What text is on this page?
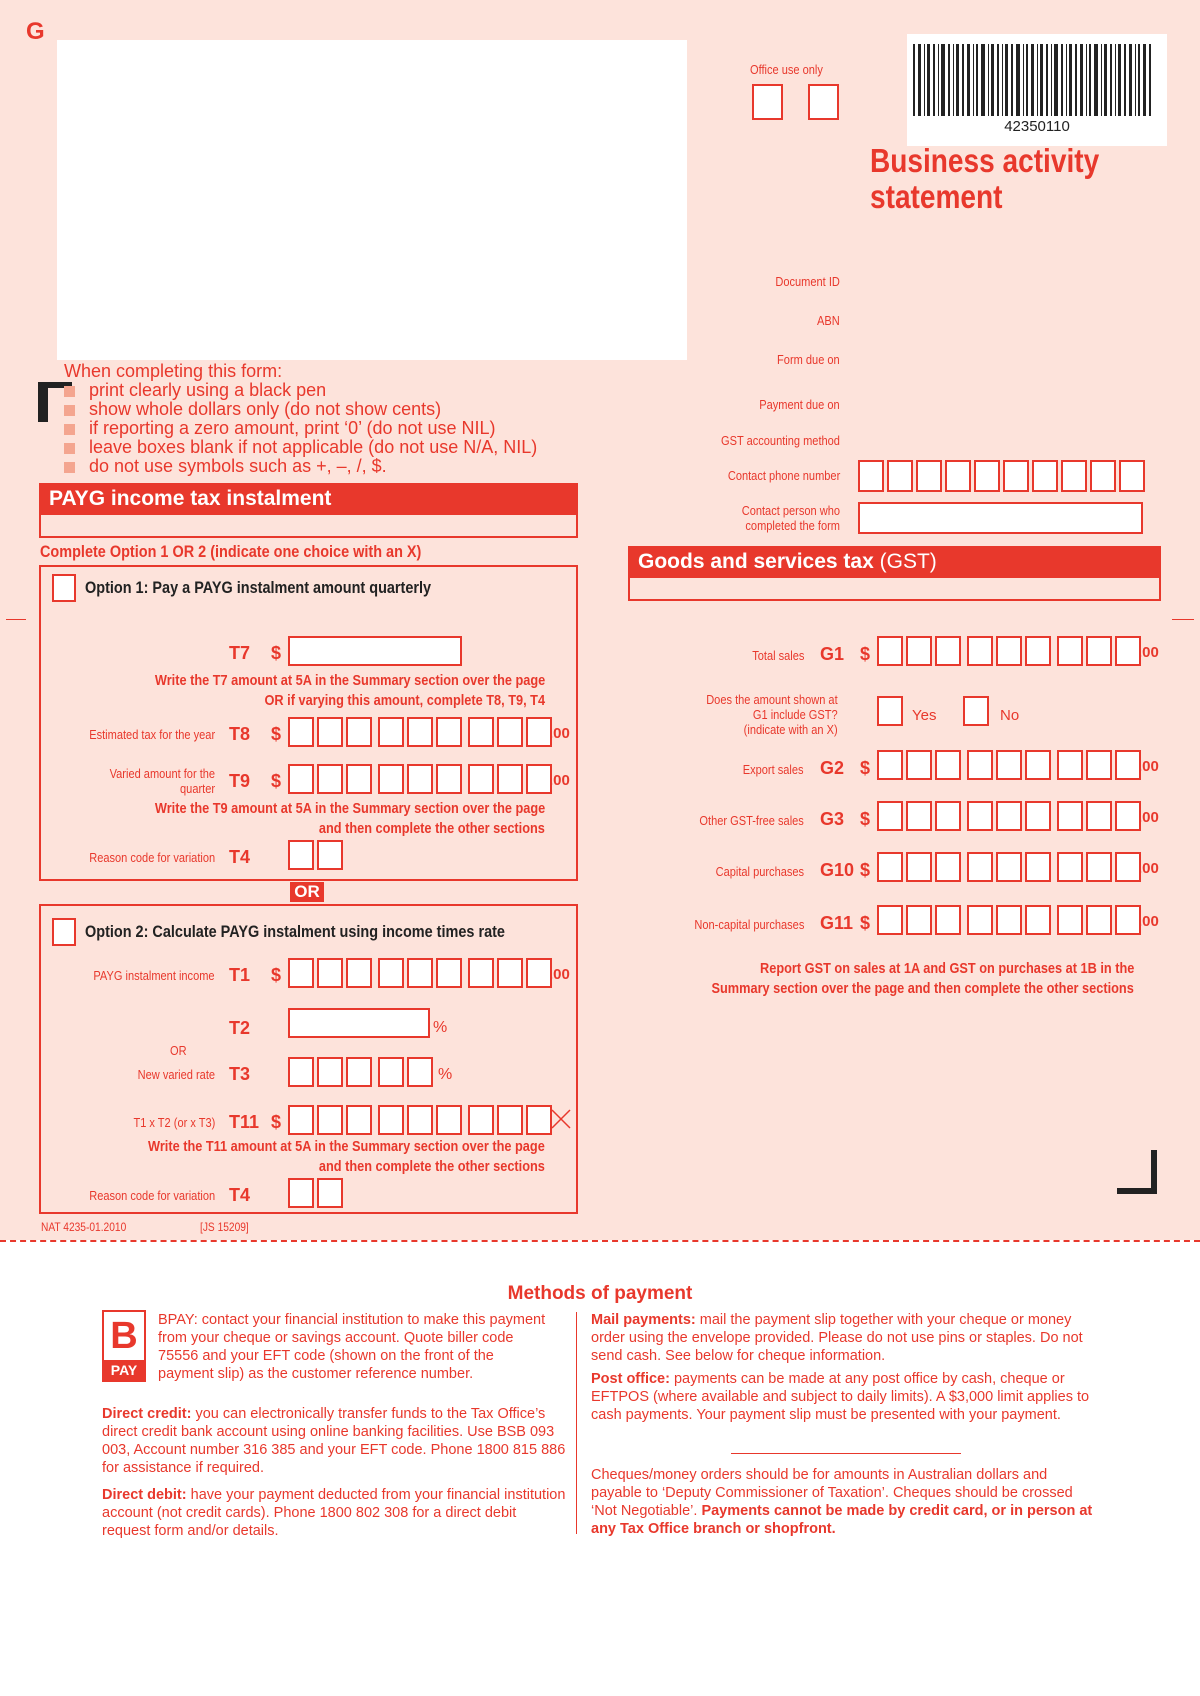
G
Office use only
42350110
Business activity
statement
Document ID
ABN
Form due on
Payment due on
GST accounting method
Contact phone number
Contact person who completed the form
When completing this form:
print clearly using a black pen
show whole dollars only (do not show cents)
if reporting a zero amount, print ‘0’ (do not use NIL)
leave boxes blank if not applicable (do not use N/A, NIL)
do not use symbols such as +, –, /, $.
PAYG income tax instalment
Complete Option 1 OR 2 (indicate one choice with an X)
Option 1: Pay a PAYG instalment amount quarterly
T7 $
Write the T7 amount at 5A in the Summary section over the page
OR if varying this amount, complete T8, T9, T4
Estimated tax for the year T8 $	.00
Varied amount for the
quarter T9 $	.00
Write the T9 amount at 5A in the Summary section over the page
and then complete the other sections
Reason code for variation T4
OR
Option 2: Calculate PAYG instalment using income times rate
PAYG instalment income T1 $	.00
T2	%
OR
New varied rate T3	%
T1 x T2 (or x T3) T11 $
Write the T11 amount at 5A in the Summary section over the page
and then complete the other sections
Reason code for variation T4
NAT 4235-01.2010	[JS 15209]
Goods and services tax (GST)
Total sales G1 $	.00
Does the amount shown at
G1 include GST?
(indicate with an X)
Yes	No
Export sales G2 $	.00
Other GST-free sales G3 $	.00
Capital purchases G10 $	.00
Non-capital purchases G11 $	.00
Report GST on sales at 1A and GST on purchases at 1B in the
Summary section over the page and then complete the other sections
Methods of payment
B
PAY
BPAY: contact your financial institution to make this payment from your cheque or savings account. Quote biller code 75556 and your EFT code (shown on the front of the payment slip) as the customer reference number.
Direct credit: you can electronically transfer funds to the Tax Office’s direct credit bank account using online banking facilities. Use BSB 093 003, Account number 316 385 and your EFT code. Phone 1800 815 886 for assistance if required.
Direct debit: have your payment deducted from your financial institution account (not credit cards). Phone 1800 802 308 for a direct debit request form and/or details.
Mail payments: mail the payment slip together with your cheque or money order using the envelope provided. Please do not use pins or staples. Do not send cash. See below for cheque information.
Post office: payments can be made at any post office by cash, cheque or EFTPOS (where available and subject to daily limits). A $3,000 limit applies to cash payments. Your payment slip must be presented with your payment.
Cheques/money orders should be for amounts in Australian dollars and payable to ‘Deputy Commissioner of Taxation’. Cheques should be crossed ‘Not Negotiable’. Payments cannot be made by credit card, or in person at any Tax Office branch or shopfront.
